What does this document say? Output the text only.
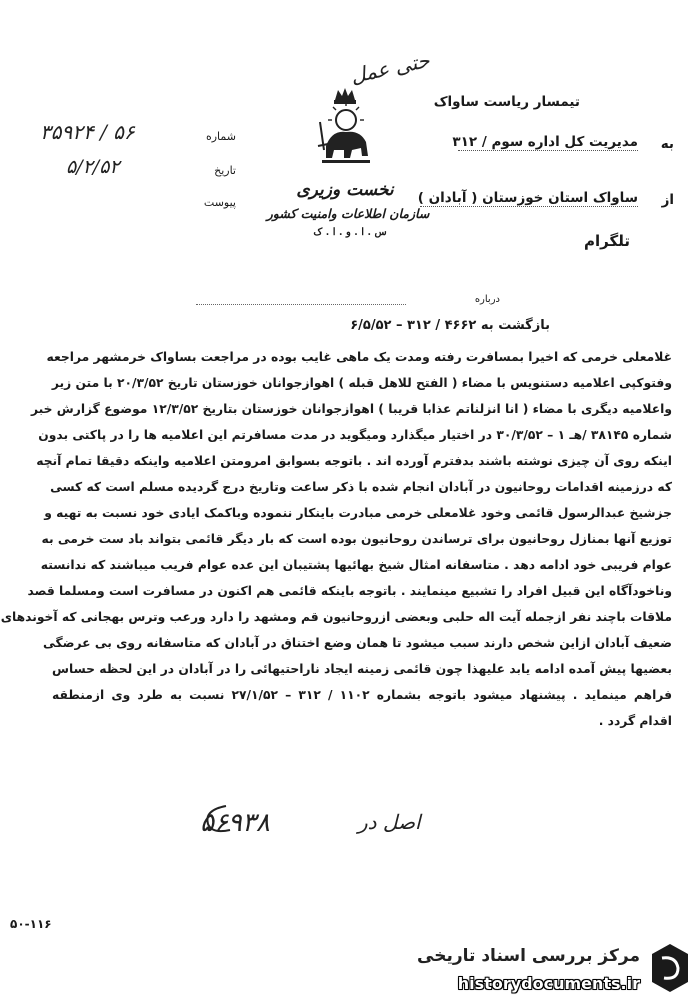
حتی عمل
نخست وزیری
سازمان اطلاعات وامنیت کشور
س . ا . و . ا . ک
تیمسار ریاست ساواک
به
مدیریت کل اداره سوم / ۳۱۲
از
ساواک استان خوزستان ( آبادان )
تلگرام
شماره
۳۵۹۲۴ / ۵۶
تاریخ
۵/۲/۵۲
پیوست
درباره
بازگشت به ۴۶۶۲ / ۳۱۲ – ۶/۵/۵۲
غلامعلی خرمی که اخیرا بمسافرت رفته ومدت یک ماهی غایب بوده در مراجعت بساواک خرمشهر مراجعه
وفتوکپی اعلامیه دستنویس با مضاء ( الفتح للاهل قبله ) اهوازجوانان خوزستان تاریخ ۲۰/۳/۵۲ با متن زیر
واعلامیه دیگری با مضاء ( انا انزلناتم عذابا قریبا ) اهوازجوانان خوزستان بتاریخ ۱۲/۳/۵۲ موضوع گزارش خبر
شماره ۳۸۱۴۵ /هـ ۱ – ۳۰/۳/۵۲ در اختیار میگذارد ومیگوید در مدت مسافرتم این اعلامیه ها را در پاکتی بدون
اینکه روی آن چیزی نوشته باشند بدفترم آورده اند . باتوجه بسوابق امرومتن اعلامیه واینکه دقیقا تمام آنچه
که درزمینه اقدامات روحانیون در آبادان انجام شده با ذکر ساعت وتاریخ درج گردیده مسلم است که کسی
جزشیخ عبدالرسول قائمی وخود غلامعلی خرمی مبادرت باینکار ننموده وباکمک ایادی خود نسبت به تهیه و
توزیع آنها بمنازل روحانیون برای ترساندن روحانیون بوده است که بار دیگر قائمی بتواند باد ست خرمی به
عوام فریبی خود ادامه دهد . متاسفانه امثال شیخ بهائیها پشتیبان این عده عوام فریب میباشند که ندانسته
وناخودآگاه این قبیل افراد را تشبیع مینمایند . باتوجه باینکه قائمی هم اکنون در مسافرت است ومسلما قصد
ملاقات باچند نفر ازجمله آیت اله حلبی وبعضی ازروحانیون قم ومشهد را دارد ورعب وترس بهجانی که آخوندهای
ضعیف آبادان ازاین شخص دارند سبب میشود تا همان وضع اختناق در آبادان که متاسفانه روی بی عرضگی
بعضیها پیش آمده ادامه یابد علیهذا چون قائمی زمینه ایجاد ناراحتیهائی را در آبادان در این لحظه حساس
فراهم مینماید . پیشنهاد میشود باتوجه بشماره ۱۱۰۲ / ۳۱۲ – ۲۷/۱/۵۲ نسبت به طرد وی ازمنطقه
اقدام گردد .
۵۶۹۳۸	اصل در
۵۰-۱۱۶
مرکز بررسی اسناد تاریخی
historydocuments.ir
